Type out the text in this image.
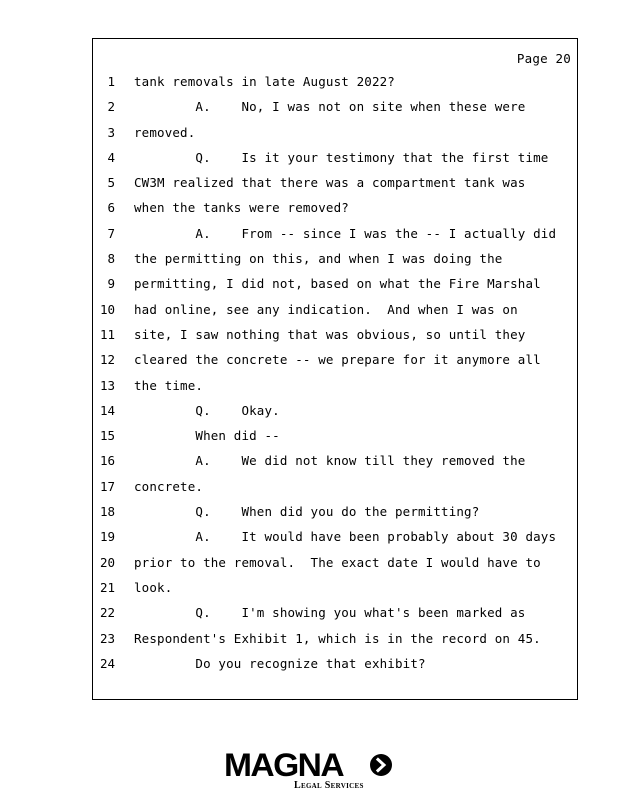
Page 20
1 tank removals in late August 2022?
2 A.    No, I was not on site when these were
3 removed.
4 Q.    Is it your testimony that the first time
5 CW3M realized that there was a compartment tank was
6 when the tanks were removed?
7 A.    From -- since I was the -- I actually did
8 the permitting on this, and when I was doing the
9 permitting, I did not, based on what the Fire Marshal
10 had online, see any indication.  And when I was on
11 site, I saw nothing that was obvious, so until they
12 cleared the concrete -- we prepare for it anymore all
13 the time.
14 Q.    Okay.
15 When did --
16 A.    We did not know till they removed the
17 concrete.
18 Q.    When did you do the permitting?
19 A.    It would have been probably about 30 days
20 prior to the removal.  The exact date I would have to
21 look.
22 Q.    I'm showing you what's been marked as
23 Respondent's Exhibit 1, which is in the record on 45.
24 Do you recognize that exhibit?
MAGNA
Legal Services
